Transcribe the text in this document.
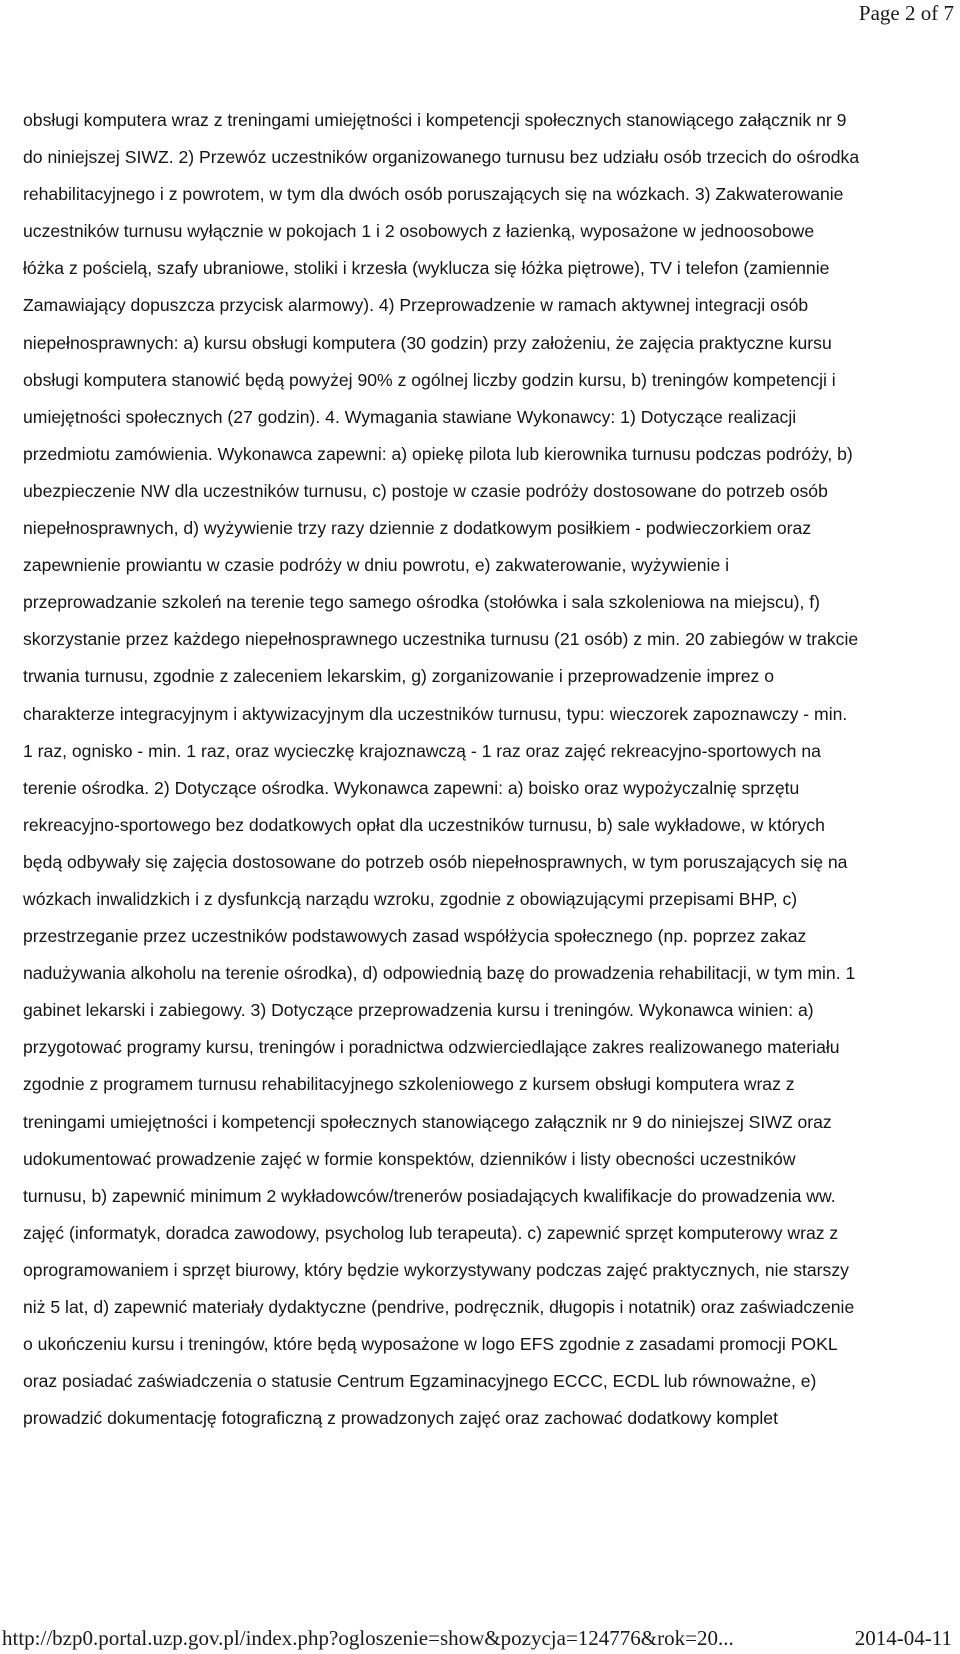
Page 2 of 7
obsługi komputera wraz z treningami umiejętności i kompetencji społecznych stanowiącego załącznik nr 9
do niniejszej SIWZ. 2) Przewóz uczestników organizowanego turnusu bez udziału osób trzecich do ośrodka
rehabilitacyjnego i z powrotem, w tym dla dwóch osób poruszających się na wózkach. 3) Zakwaterowanie
uczestników turnusu wyłącznie w pokojach 1 i 2 osobowych z łazienką, wyposażone w jednoosobowe
łóżka z pościelą, szafy ubraniowe, stoliki i krzesła (wyklucza się łóżka piętrowe), TV i telefon (zamiennie
Zamawiający dopuszcza przycisk alarmowy). 4) Przeprowadzenie w ramach aktywnej integracji osób
niepełnosprawnych: a) kursu obsługi komputera (30 godzin) przy założeniu, że zajęcia praktyczne kursu
obsługi komputera stanowić będą powyżej 90% z ogólnej liczby godzin kursu, b) treningów kompetencji i
umiejętności społecznych (27 godzin). 4. Wymagania stawiane Wykonawcy: 1) Dotyczące realizacji
przedmiotu zamówienia. Wykonawca zapewni: a) opiekę pilota lub kierownika turnusu podczas podróży, b)
ubezpieczenie NW dla uczestników turnusu, c) postoje w czasie podróży dostosowane do potrzeb osób
niepełnosprawnych, d) wyżywienie trzy razy dziennie z dodatkowym posiłkiem - podwieczorkiem oraz
zapewnienie prowiantu w czasie podróży w dniu powrotu, e) zakwaterowanie, wyżywienie i
przeprowadzanie szkoleń na terenie tego samego ośrodka (stołówka i sala szkoleniowa na miejscu), f)
skorzystanie przez każdego niepełnosprawnego uczestnika turnusu (21 osób) z min. 20 zabiegów w trakcie
trwania turnusu, zgodnie z zaleceniem lekarskim, g) zorganizowanie i przeprowadzenie imprez o
charakterze integracyjnym i aktywizacyjnym dla uczestników turnusu, typu: wieczorek zapoznawczy - min.
1 raz, ognisko - min. 1 raz, oraz wycieczkę krajoznawczą - 1 raz oraz zajęć rekreacyjno-sportowych na
terenie ośrodka. 2) Dotyczące ośrodka. Wykonawca zapewni: a) boisko oraz wypożyczalnię sprzętu
rekreacyjno-sportowego bez dodatkowych opłat dla uczestników turnusu, b) sale wykładowe, w których
będą odbywały się zajęcia dostosowane do potrzeb osób niepełnosprawnych, w tym poruszających się na
wózkach inwalidzkich i z dysfunkcją narządu wzroku, zgodnie z obowiązującymi przepisami BHP, c)
przestrzeganie przez uczestników podstawowych zasad współżycia społecznego (np. poprzez zakaz
nadużywania alkoholu na terenie ośrodka), d) odpowiednią bazę do prowadzenia rehabilitacji, w tym min. 1
gabinet lekarski i zabiegowy. 3) Dotyczące przeprowadzenia kursu i treningów. Wykonawca winien: a)
przygotować programy kursu, treningów i poradnictwa odzwierciedlające zakres realizowanego materiału
zgodnie z programem turnusu rehabilitacyjnego szkoleniowego z kursem obsługi komputera wraz z
treningami umiejętności i kompetencji społecznych stanowiącego załącznik nr 9 do niniejszej SIWZ oraz
udokumentować prowadzenie zajęć w formie konspektów, dzienników i listy obecności uczestników
turnusu, b) zapewnić minimum 2 wykładowców/trenerów posiadających kwalifikacje do prowadzenia ww.
zajęć (informatyk, doradca zawodowy, psycholog lub terapeuta). c) zapewnić sprzęt komputerowy wraz z
oprogramowaniem i sprzęt biurowy, który będzie wykorzystywany podczas zajęć praktycznych, nie starszy
niż 5 lat, d) zapewnić materiały dydaktyczne (pendrive, podręcznik, długopis i notatnik) oraz zaświadczenie
o ukończeniu kursu i treningów, które będą wyposażone w logo EFS zgodnie z zasadami promocji POKL
oraz posiadać zaświadczenia o statusie Centrum Egzaminacyjnego ECCC, ECDL lub równoważne, e)
prowadzić dokumentację fotograficzną z prowadzonych zajęć oraz zachować dodatkowy komplet
http://bzp0.portal.uzp.gov.pl/index.php?ogloszenie=show&pozycja=124776&rok=20...	2014-04-11
